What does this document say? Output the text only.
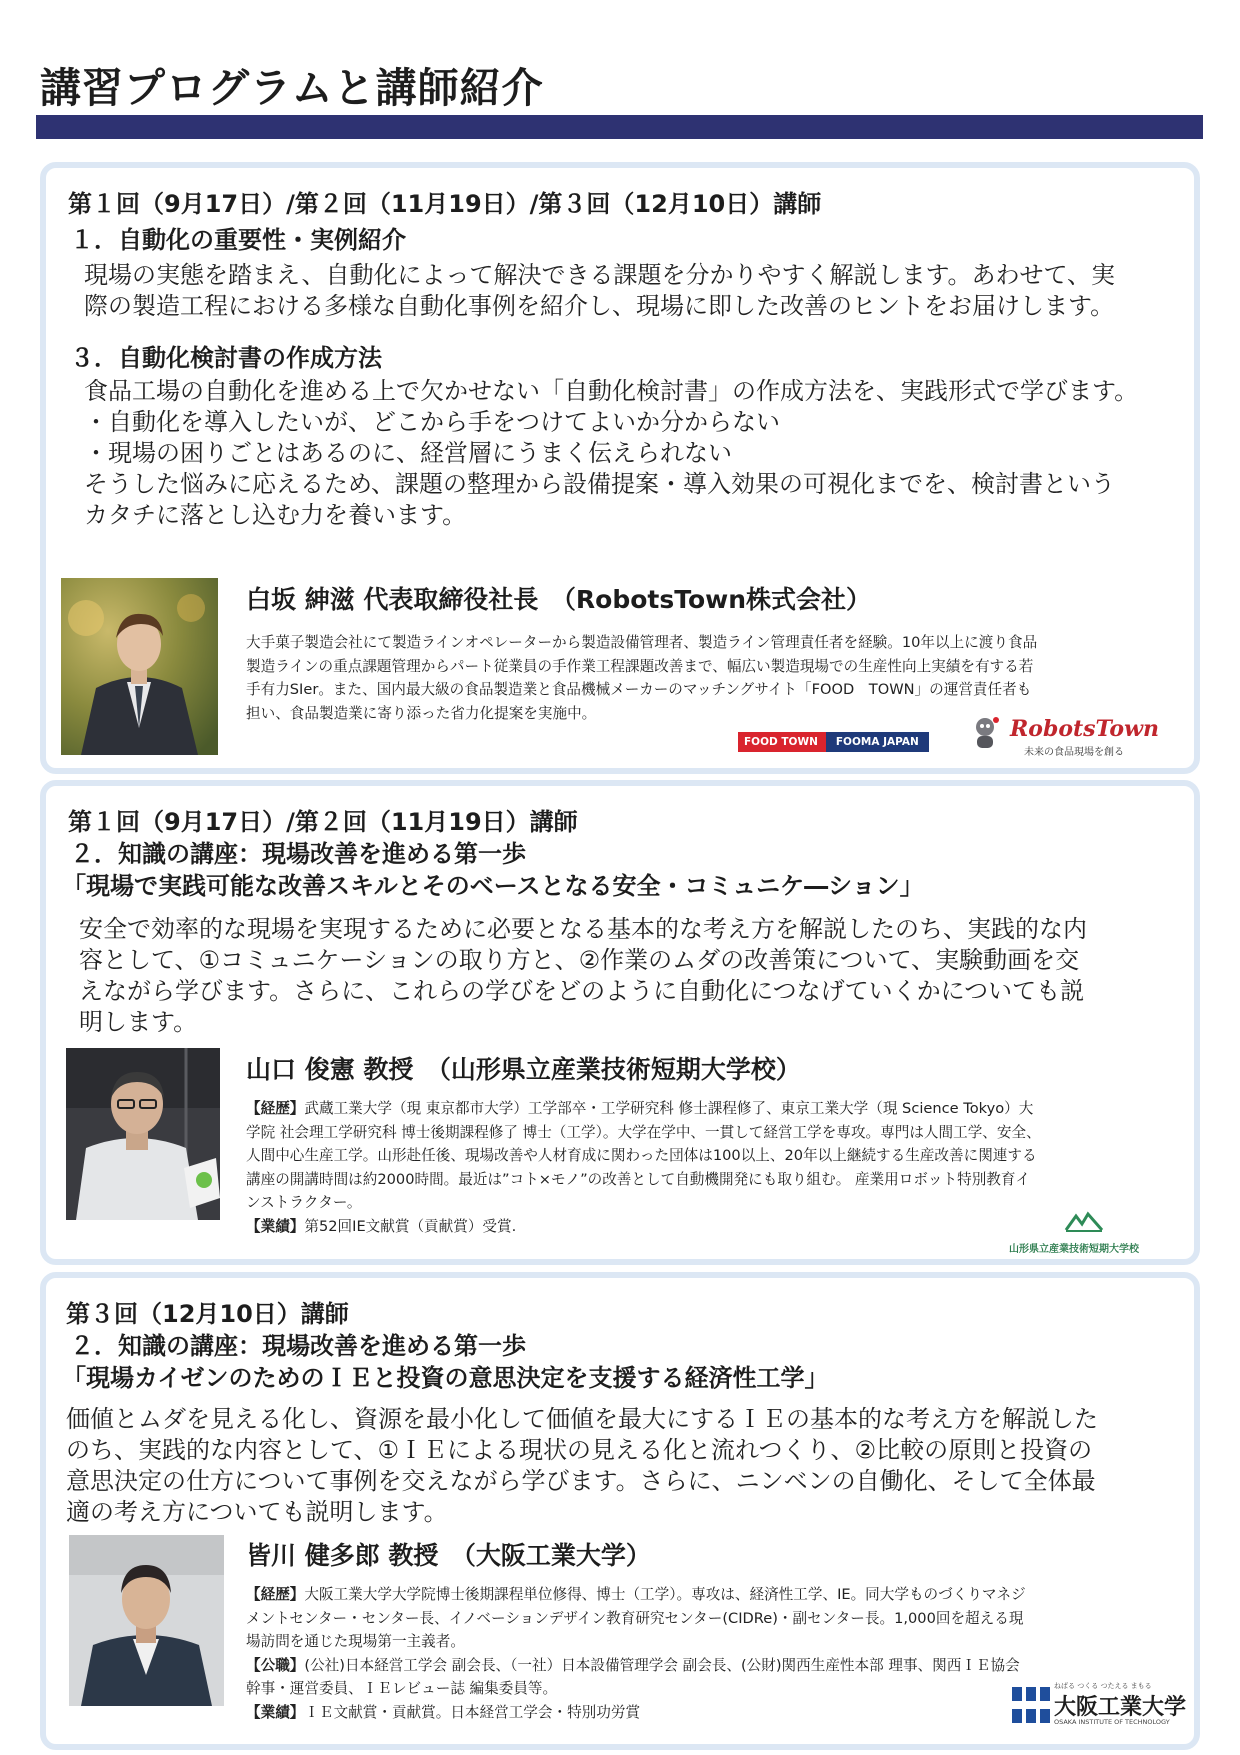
講習プログラムと講師紹介
第１回（9月17日）/第２回（11月19日）/第３回（12月10日）講師
１．自動化の重要性・実例紹介
現場の実態を踏まえ、自動化によって解決できる課題を分かりやすく解説します。あわせて、実
際の製造工程における多様な自動化事例を紹介し、現場に即した改善のヒントをお届けします。
３．自動化検討書の作成方法
食品工場の自動化を進める上で欠かせない「自動化検討書」の作成方法を、実践形式で学びます。
・自動化を導入したいが、どこから手をつけてよいか分からない
・現場の困りごとはあるのに、経営層にうまく伝えられない
そうした悩みに応えるため、課題の整理から設備提案・導入効果の可視化までを、検討書という
カタチに落とし込む力を養います。
白坂 紳滋 代表取締役社長　（RobotsTown株式会社）
大手菓子製造会社にて製造ラインオペレーターから製造設備管理者、製造ライン管理責任者を経験。10年以上に渡り食品
製造ラインの重点課題管理からパート従業員の手作業工程課題改善まで、幅広い製造現場での生産性向上実績を有する若
手有力SIer。また、国内最大級の食品製造業と食品機械メーカーのマッチングサイト「FOOD　TOWN」の運営責任者も
担い、食品製造業に寄り添った省力化提案を実施中。
FOOD TOWN	FOOMA JAPAN	RobotsTown
未来の食品現場を創る
第１回（9月17日）/第２回（11月19日）講師
２．知識の講座：現場改善を進める第一歩
「現場で実践可能な改善スキルとそのベースとなる安全・コミュニケ―ション」
安全で効率的な現場を実現するために必要となる基本的な考え方を解説したのち、実践的な内
容として、①コミュニケーションの取り方と、②作業のムダの改善策について、実験動画を交
えながら学びます。さらに、これらの学びをどのように自動化につなげていくかについても説
明します。
山口 俊憲 教授　（山形県立産業技術短期大学校）
【経歴】武蔵工業大学（現 東京都市大学）工学部卒・工学研究科 修士課程修了、東京工業大学（現 Science Tokyo）大
学院 社会理工学研究科 博士後期課程修了 博士（工学）。大学在学中、一貫して経営工学を専攻。専門は人間工学、安全、
人間中心生産工学。山形赴任後、現場改善や人材育成に関わった団体は100以上、20年以上継続する生産改善に関連する
講座の開講時間は約2000時間。最近は”コト×モノ”の改善として自動機開発にも取り組む。 産業用ロボット特別教育イ
ンストラクター。
【業績】第52回IE文献賞（貢献賞）受賞.
山形県立産業技術短期大学校
第３回（12月10日）講師
２．知識の講座：現場改善を進める第一歩
「現場カイゼンのためのＩＥと投資の意思決定を支援する経済性工学」
価値とムダを見える化し、資源を最小化して価値を最大にするＩＥの基本的な考え方を解説した
のち、実践的な内容として、①ＩＥによる現状の見える化と流れつくり、②比較の原則と投資の
意思決定の仕方について事例を交えながら学びます。さらに、ニンベンの自働化、そして全体最
適の考え方についても説明します。
皆川 健多郎 教授　（大阪工業大学）
【経歴】大阪工業大学大学院博士後期課程単位修得、博士（工学）。専攻は、経済性工学、IE。同大学ものづくりマネジ
メントセンター・センター長、イノベーションデザイン教育研究センター(CIDRe)・副センター長。1,000回を超える現
場訪問を通じた現場第一主義者。
【公職】(公社)日本経営工学会 副会長、（一社）日本設備管理学会 副会長、(公財)関西生産性本部 理事、関西ＩＥ協会
幹事・運営委員、ＩＥレビュー誌 編集委員等。
【業績】ＩＥ文献賞・貢献賞。日本経営工学会・特別功労賞
ねばる つくる つたえる まもる
大阪工業大学
OSAKA INSTITUTE OF TECHNOLOGY
